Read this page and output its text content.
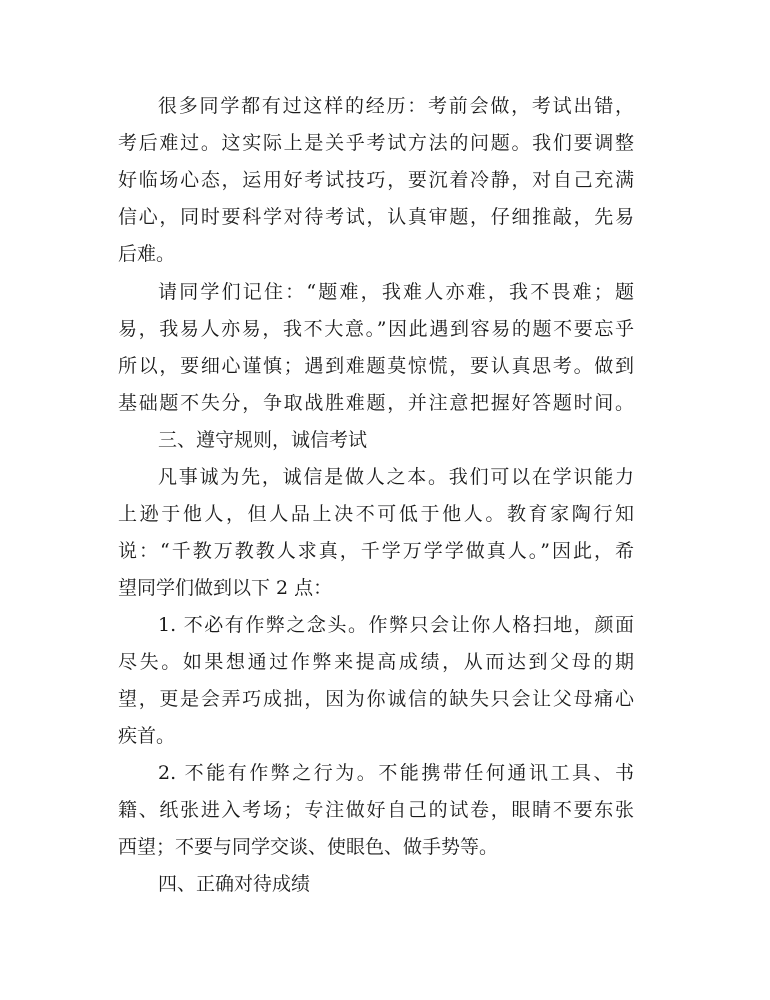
很多同学都有过这样的经历：考前会做，考试出错，

考后难过。这实际上是关乎考试方法的问题。我们要调整

好临场心态，运用好考试技巧，要沉着冷静，对自己充满

信心，同时要科学对待考试，认真审题，仔细推敲，先易

后难。

请同学们记住：“题难，我难人亦难，我不畏难；题

易，我易人亦易，我不大意。”因此遇到容易的题不要忘乎

所以，要细心谨慎；遇到难题莫惊慌，要认真思考。做到

基础题不失分，争取战胜难题，并注意把握好答题时间。

三、遵守规则，诚信考试

凡事诚为先，诚信是做人之本。我们可以在学识能力

上逊于他人，但人品上决不可低于他人。教育家陶行知

说：“千教万教教人求真，千学万学学做真人。”因此，希

望同学们做到以下 2 点：

1. 不必有作弊之念头。作弊只会让你人格扫地，颜面

尽失。如果想通过作弊来提高成绩，从而达到父母的期

望，更是会弄巧成拙，因为你诚信的缺失只会让父母痛心

疾首。

2. 不能有作弊之行为。不能携带任何通讯工具、书

籍、纸张进入考场；专注做好自己的试卷，眼睛不要东张

西望；不要与同学交谈、使眼色、做手势等。

四、正确对待成绩
